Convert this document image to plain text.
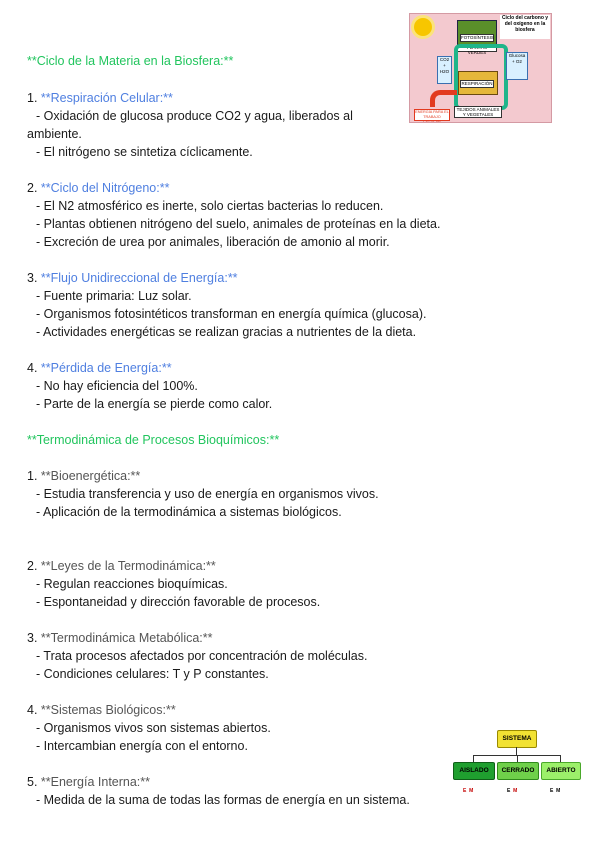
**Ciclo de la Materia en la Biosfera:**
1. **Respiración Celular:**
- Oxidación de glucosa produce CO2 y agua, liberados al
ambiente.
- El nitrógeno se sintetiza cíclicamente.
2. **Ciclo del Nitrógeno:**
- El N2 atmosférico es inerte, solo ciertas bacterias lo reducen.
- Plantas obtienen nitrógeno del suelo, animales de proteínas en la dieta.
- Excreción de urea por animales, liberación de amonio al morir.
3. **Flujo Unidireccional de Energía:**
- Fuente primaria: Luz solar.
- Organismos fotosintéticos transforman en energía química (glucosa).
- Actividades energéticas se realizan gracias a nutrientes de la dieta.
4. **Pérdida de Energía:**
- No hay eficiencia del 100%.
- Parte de la energía se pierde como calor.
**Termodinámica de Procesos Bioquímicos:**
1. **Bioenergética:**
- Estudia transferencia y uso de energía en organismos vivos.
- Aplicación de la termodinámica a sistemas biológicos.
2. **Leyes de la Termodinámica:**
- Regulan reacciones bioquímicas.
- Espontaneidad y dirección favorable de procesos.
3. **Termodinámica Metabólica:**
- Trata procesos afectados por concentración de moléculas.
- Condiciones celulares: T y P constantes.
4. **Sistemas Biológicos:**
- Organismos vivos son sistemas abiertos.
- Intercambian energía con el entorno.
5. **Energía Interna:**
- Medida de la suma de todas las formas de energía en un sistema.
Ciclo del carbono y del oxígeno en la biosfera
FOTOSÍNTESIS
PLANTAS VERDES
CO2 + H2O
Glucosa + O2
RESPIRACIÓN
TEJIDOS ANIMALES Y VEGETALES
ENERGÍA PARA EL TRABAJO CELULAR
SISTEMA
AISLADO	CERRADO	ABIERTO
E M	E M	E M
